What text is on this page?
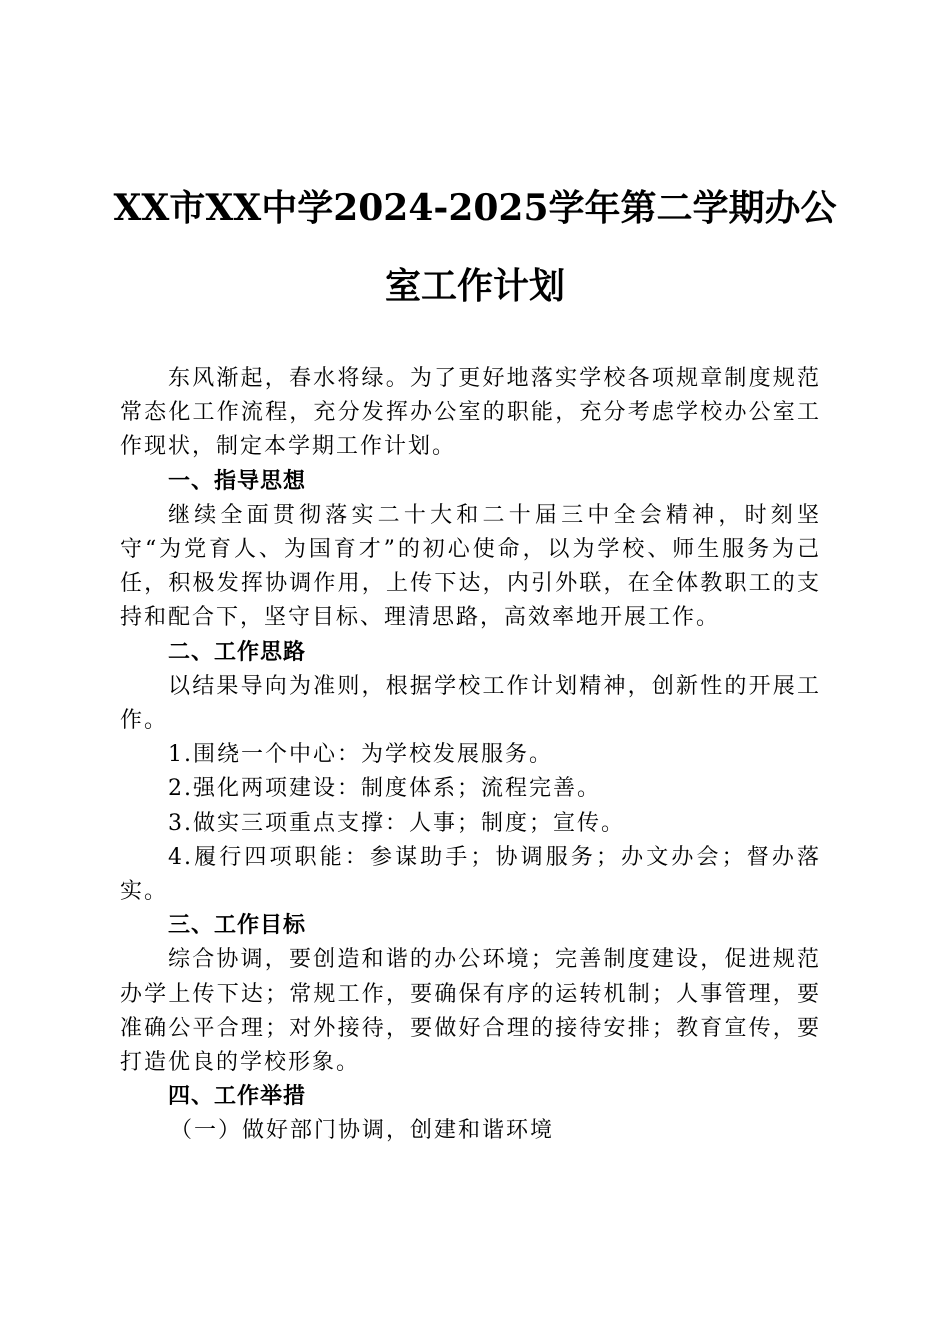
XX市XX中学2024-2025学年第二学期办公
室工作计划

东风渐起，春水将绿。为了更好地落实学校各项规章制度规范常态化工作流程，充分发挥办公室的职能，充分考虑学校办公室工作现状，制定本学期工作计划。

一、指导思想

继续全面贯彻落实二十大和二十届三中全会精神，时刻坚守“为党育人、为国育才”的初心使命，以为学校、师生服务为己任，积极发挥协调作用，上传下达，内引外联，在全体教职工的支持和配合下，坚守目标、理清思路，高效率地开展工作。

二、工作思路

以结果导向为准则，根据学校工作计划精神，创新性的开展工作。

1.围绕一个中心：为学校发展服务。

2.强化两项建设：制度体系；流程完善。

3.做实三项重点支撑：人事；制度；宣传。

4.履行四项职能：参谋助手；协调服务；办文办会；督办落实。

三、工作目标

综合协调，要创造和谐的办公环境；完善制度建设，促进规范办学上传下达；常规工作，要确保有序的运转机制；人事管理，要准确公平合理；对外接待，要做好合理的接待安排；教育宣传，要打造优良的学校形象。

四、工作举措

（一）做好部门协调，创建和谐环境
